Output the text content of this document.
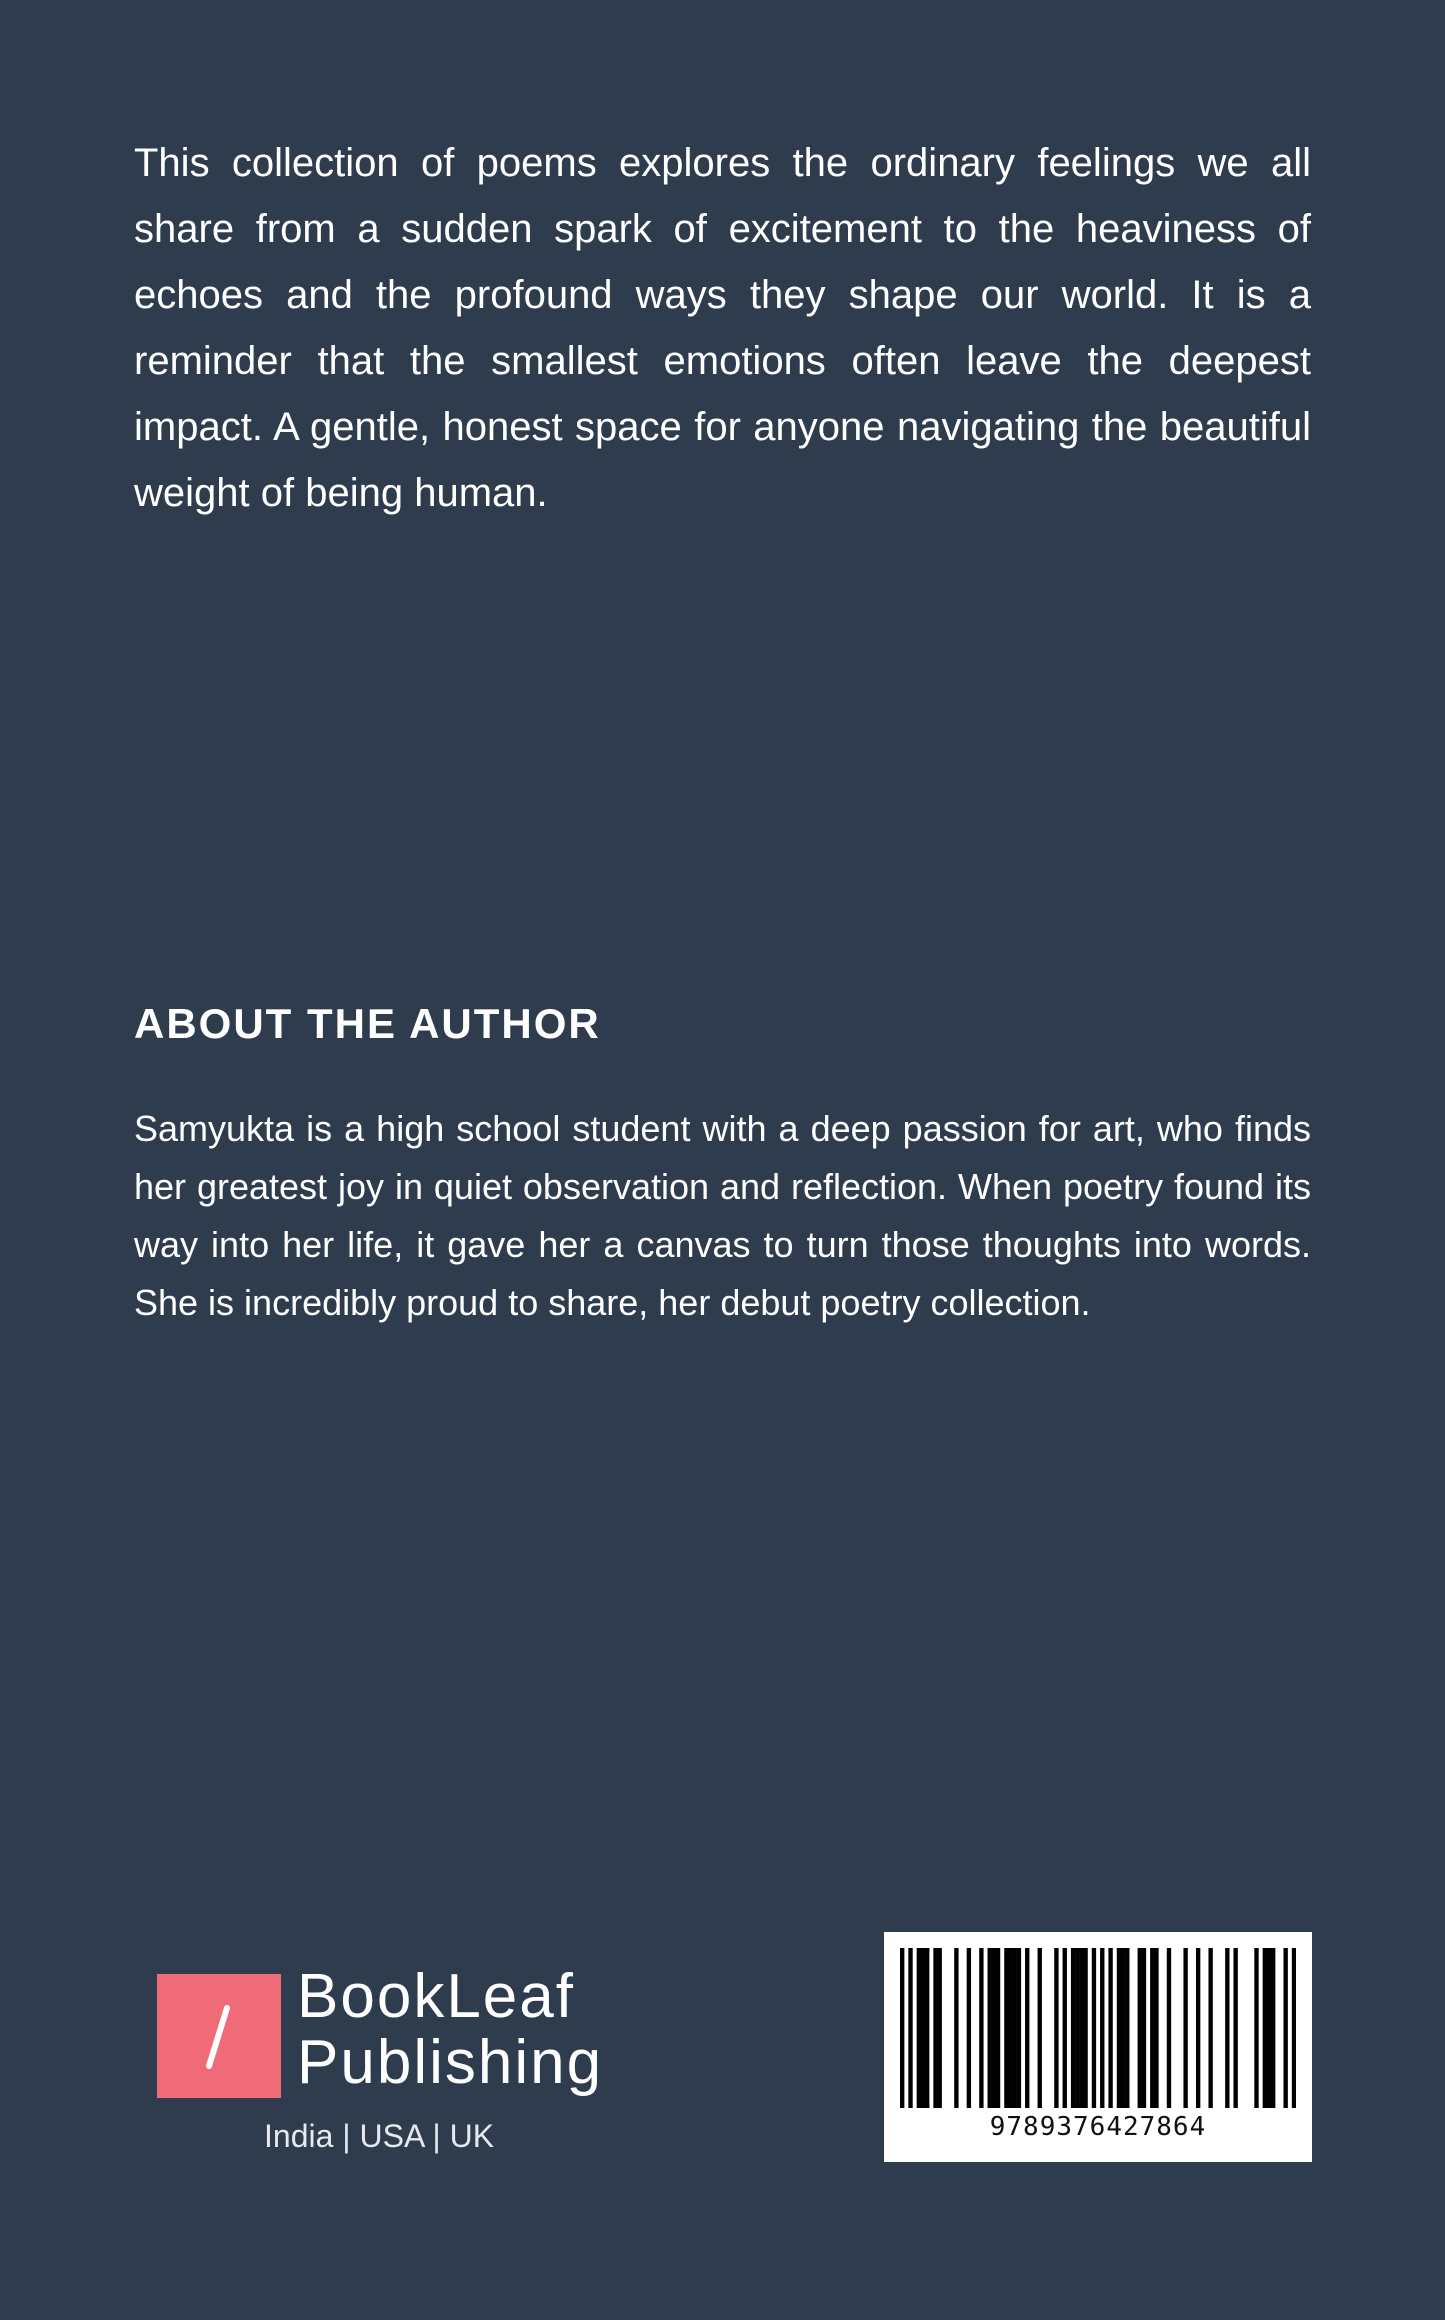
This collection of poems explores the ordinary feelings we all share from a sudden spark of excitement to the heaviness of echoes and the profound ways they shape our world. It is a reminder that the smallest emotions often leave the deepest impact. A gentle, honest space for anyone navigating the beautiful weight of being human.

ABOUT THE AUTHOR

Samyukta is a high school student with a deep passion for art, who finds her greatest joy in quiet observation and reflection. When poetry found its way into her life, it gave her a canvas to turn those thoughts into words. She is incredibly proud to share, her debut poetry collection.

BookLeaf
Publishing
India | USA | UK	9789376427864
